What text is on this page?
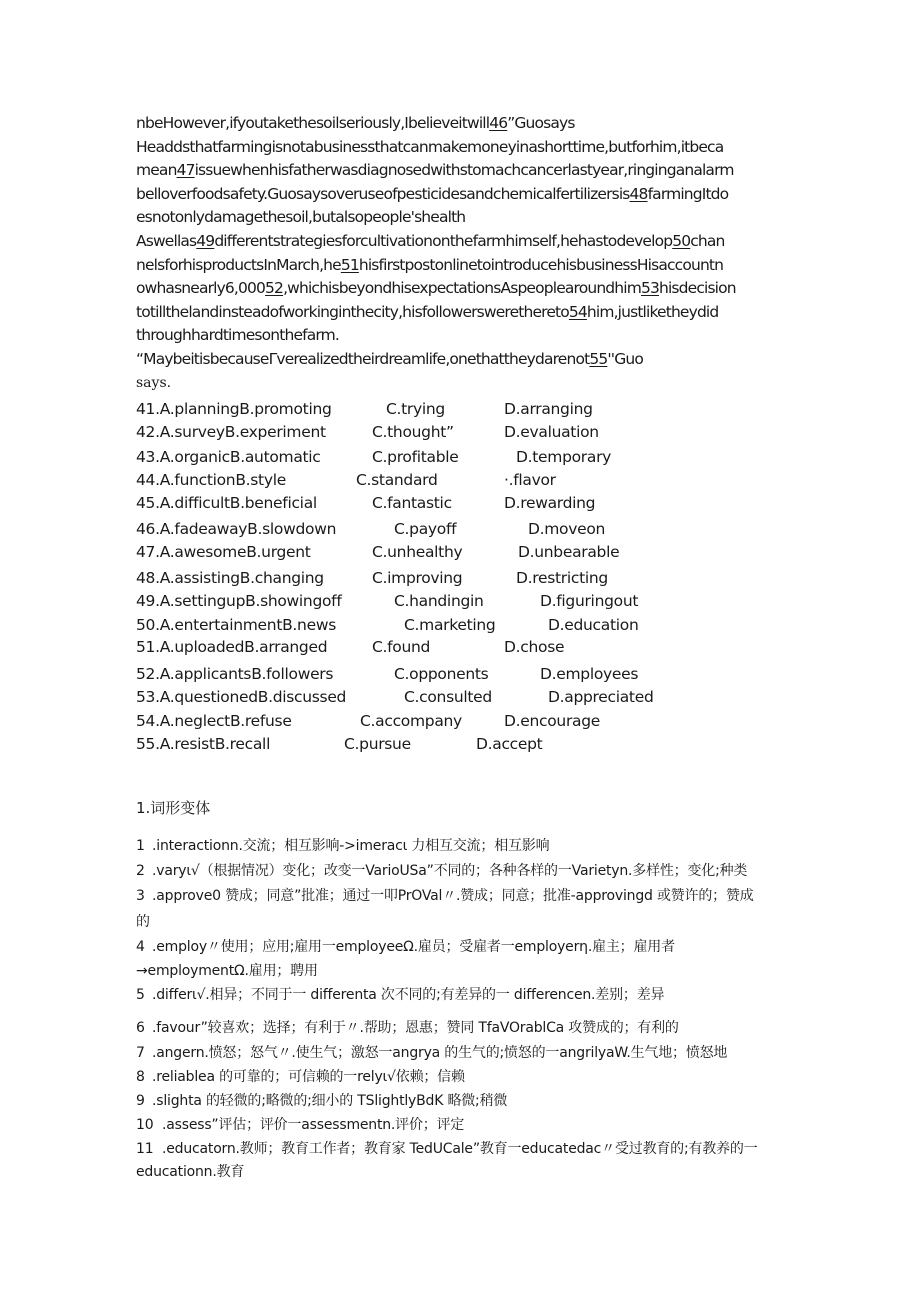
nbeHowever,ifyoutakethesoilseriously,Ibelieveitwill46”Guosays
Headdsthatfarmingisnotabusinessthatcanmakemoneyinashorttime,butforhim,itbeca
mean47issuewhenhisfatherwasdiagnosedwithstomachcancerlastyear,ringinganalarm
belloverfoodsafety.Guosaysoveruseofpesticidesandchemicalfertilizersis48farmingItdo
esnotonlydamagethesoil,butalsopeople'shealth
Aswellas49differentstrategiesforcultivationonthefarmhimself,hehastodevelop50chan
nelsforhisproductsInMarch,he51hisfirstpostonlinetointroducehisbusinessHisaccountn
owhasnearly6,00052,whichisbeyondhisexpectationsAspeoplearoundhim53hisdecision
totillthelandinsteadofworkinginthecity,hisfollowerswerethereto54him,justliketheydid
throughhardtimesonthefarm.
“MaybeitisbecauseΓverealizedtheirdreamlife,onethattheydarenot55''Guo
says.
41.A.planningB.promoting	C.trying	D.arranging
42.A.surveyB.experiment	C.thought”	D.evaluation
43.A.organicB.automatic	C.profitable	D.temporary
44.A.functionB.style	C.standard	·.flavor
45.A.difficultB.beneficial	C.fantastic	D.rewarding
46.A.fadeawayB.slowdown	C.payoff	D.moveon
47.A.awesomeB.urgent	C.unhealthy	D.unbearable
48.A.assistingB.changing	C.improving	D.restricting
49.A.settingupB.showingoff	C.handingin	D.figuringout
50.A.entertainmentB.news	C.marketing	D.education
51.A.uploadedB.arranged	C.found	D.chose
52.A.applicantsB.followers	C.opponents	D.employees
53.A.questionedB.discussed	C.consulted	D.appreciated
54.A.neglectB.refuse	C.accompany	D.encourage
55.A.resistB.recall	C.pursue	D.accept
1.词形变体
1 .interactionn.交流；相互影响->imeracι 力相互交流；相互影响
2 .varyι√（根据情况）变化；改变一VarioUSa”不同的；各种各样的一Varietyn.多样性；变化;种类
3 .approve0 赞成；同意”批准；通过一叩PrOVal〃.赞成；同意；批准-approvingd 或赞许的；赞成
的
4 .employ〃使用；应用;雇用一employeeΩ.雇员；受雇者一employerη.雇主；雇用者
→employmentΩ.雇用；聘用
5 .differι√.相异；不同于一 differenta 次不同的;有差异的一 differencen.差别；差异
6 .favour”较喜欢；选择；有利于〃.帮助；恩惠；赞同 TfaVOrablCa 攻赞成的；有利的
7 .angern.愤怒；怒气〃.使生气；激怒一angrya 的生气的;愤怒的一angrilyaW.生气地；愤怒地
8 .reliablea 的可靠的；可信赖的一relyι√依赖；信赖
9 .slighta 的轻微的;略微的;细小的 TSlightlyBdK 略微;稍微
10 .assess”评估；评价一assessmentn.评价；评定
11 .educatorn.教师；教育工作者；教育家 TedUCale”教育一educatedac〃受过教育的;有教养的一
educationn.教育
